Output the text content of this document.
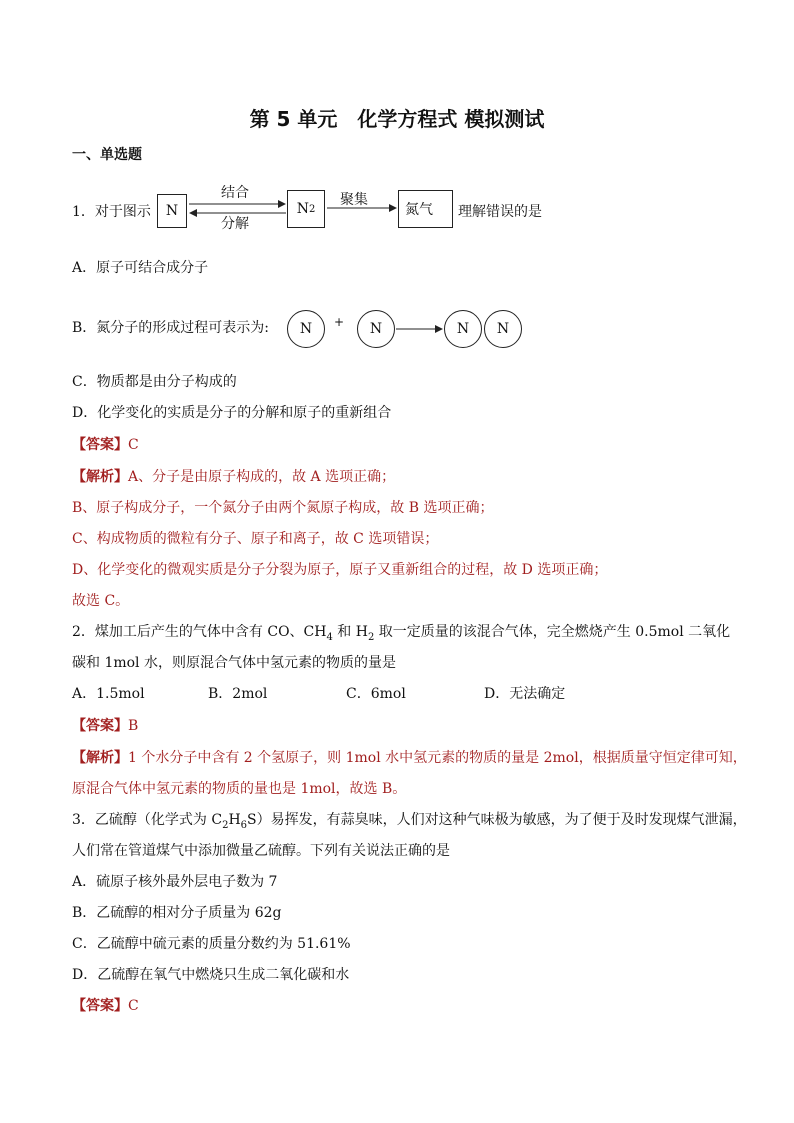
第 5 单元　化学方程式 模拟测试
一、单选题
1．对于图示 N	N 2	氮气
结合
分解
聚集
理解错误的是
A．原子可结合成分子
B．氮分子的形成过程可表示为: N + N	N N
C．物质都是由分子构成的
D．化学变化的实质是分子的分解和原子的重新组合
【答案】C
【解析】A、分子是由原子构成的，故 A 选项正确；
B、原子构成分子，一个氮分子由两个氮原子构成，故 B 选项正确；
C、构成物质的微粒有分子、原子和离子，故 C 选项错误；
D、化学变化的微观实质是分子分裂为原子，原子又重新组合的过程，故 D 选项正确；
故选 C。
2．煤加工后产生的气体中含有 CO、$CH_4$ 和 $H_2$ 取一定质量的该混合气体，完全燃烧产生 0.5mol 二氧化
碳和 1mol 水，则原混合气体中氢元素的物质的量是
A．1.5mol	B．2mol	C．6mol	D．无法确定
【答案】B
【解析】1 个水分子中含有 2 个氢原子，则 1mol 水中氢元素的物质的量是 2mol，根据质量守恒定律可知，
原混合气体中氢元素的物质的量也是 1mol，故选 B。
3．乙硫醇（化学式为 $C_2H_6S$）易挥发，有蒜臭味，人们对这种气味极为敏感，为了便于及时发现煤气泄漏，
人们常在管道煤气中添加微量乙硫醇。下列有关说法正确的是
A．硫原子核外最外层电子数为 7
B．乙硫醇的相对分子质量为 62g
C．乙硫醇中硫元素的质量分数约为 51.61%
D．乙硫醇在氧气中燃烧只生成二氧化碳和水
【答案】C
